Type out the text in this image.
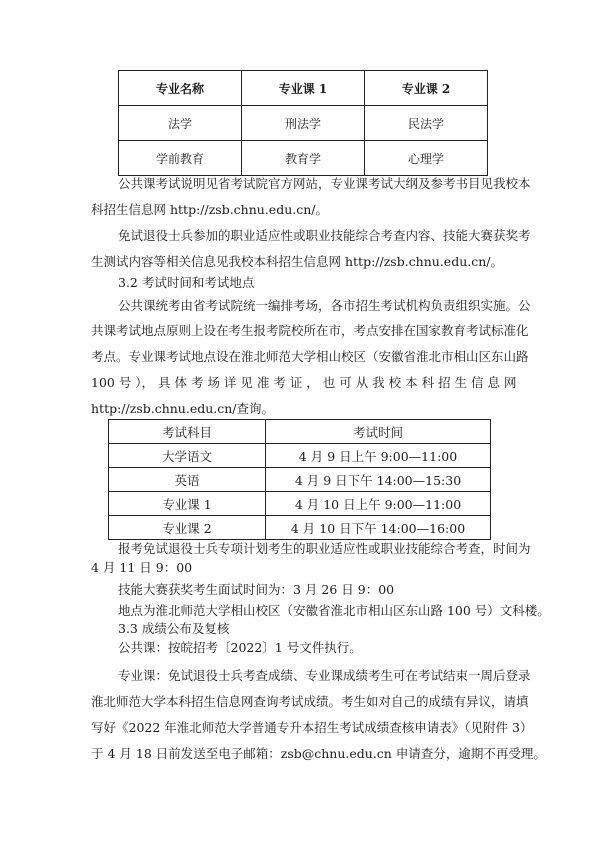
专业名称	专业课 1	专业课 2
法学	刑法学	民法学
学前教育	教育学	心理学
公共课考试说明见省考试院官方网站，专业课考试大纲及参考书目见我校本
科招生信息网 http://zsb.chnu.edu.cn/。
免试退役士兵参加的职业适应性或职业技能综合考查内容、技能大赛获奖考
生测试内容等相关信息见我校本科招生信息网 http://zsb.chnu.edu.cn/。
3.2 考试时间和考试地点
公共课统考由省考试院统一编排考场，各市招生考试机构负责组织实施。公
共课考试地点原则上设在考生报考院校所在市，考点安排在国家教育考试标准化
考点。专业课考试地点设在淮北师范大学相山校区（安徽省淮北市相山区东山路
100 号 ）， 具 体 考 场 详 见 准 考 证 ， 也 可 从 我 校 本 科 招 生 信 息 网
http://zsb.chnu.edu.cn/查询。
考试科目	考试时间
大学语文	4 月 9 日上午 9:00—11:00
英语	4 月 9 日下午 14:00—15:30
专业课 1	4 月 10 日上午 9:00—11:00
专业课 2	4 月 10 日下午 14:00—16:00
报考免试退役士兵专项计划考生的职业适应性或职业技能综合考查，时间为
4 月 11 日 9：00
技能大赛获奖考生面试时间为：3 月 26 日 9：00
地点为淮北师范大学相山校区（安徽省淮北市相山区东山路 100 号）文科楼。
3.3 成绩公布及复核
公共课：按皖招考〔2022〕1 号文件执行。
专业课：免试退役士兵考查成绩、专业课成绩考生可在考试结束一周后登录
淮北师范大学本科招生信息网查询考试成绩。考生如对自己的成绩有异议，请填
写好《2022 年淮北师范大学普通专升本招生考试成绩查核申请表》（见附件 3）
于 4 月 18 日前发送至电子邮箱：zsb@chnu.edu.cn 申请查分，逾期不再受理。
